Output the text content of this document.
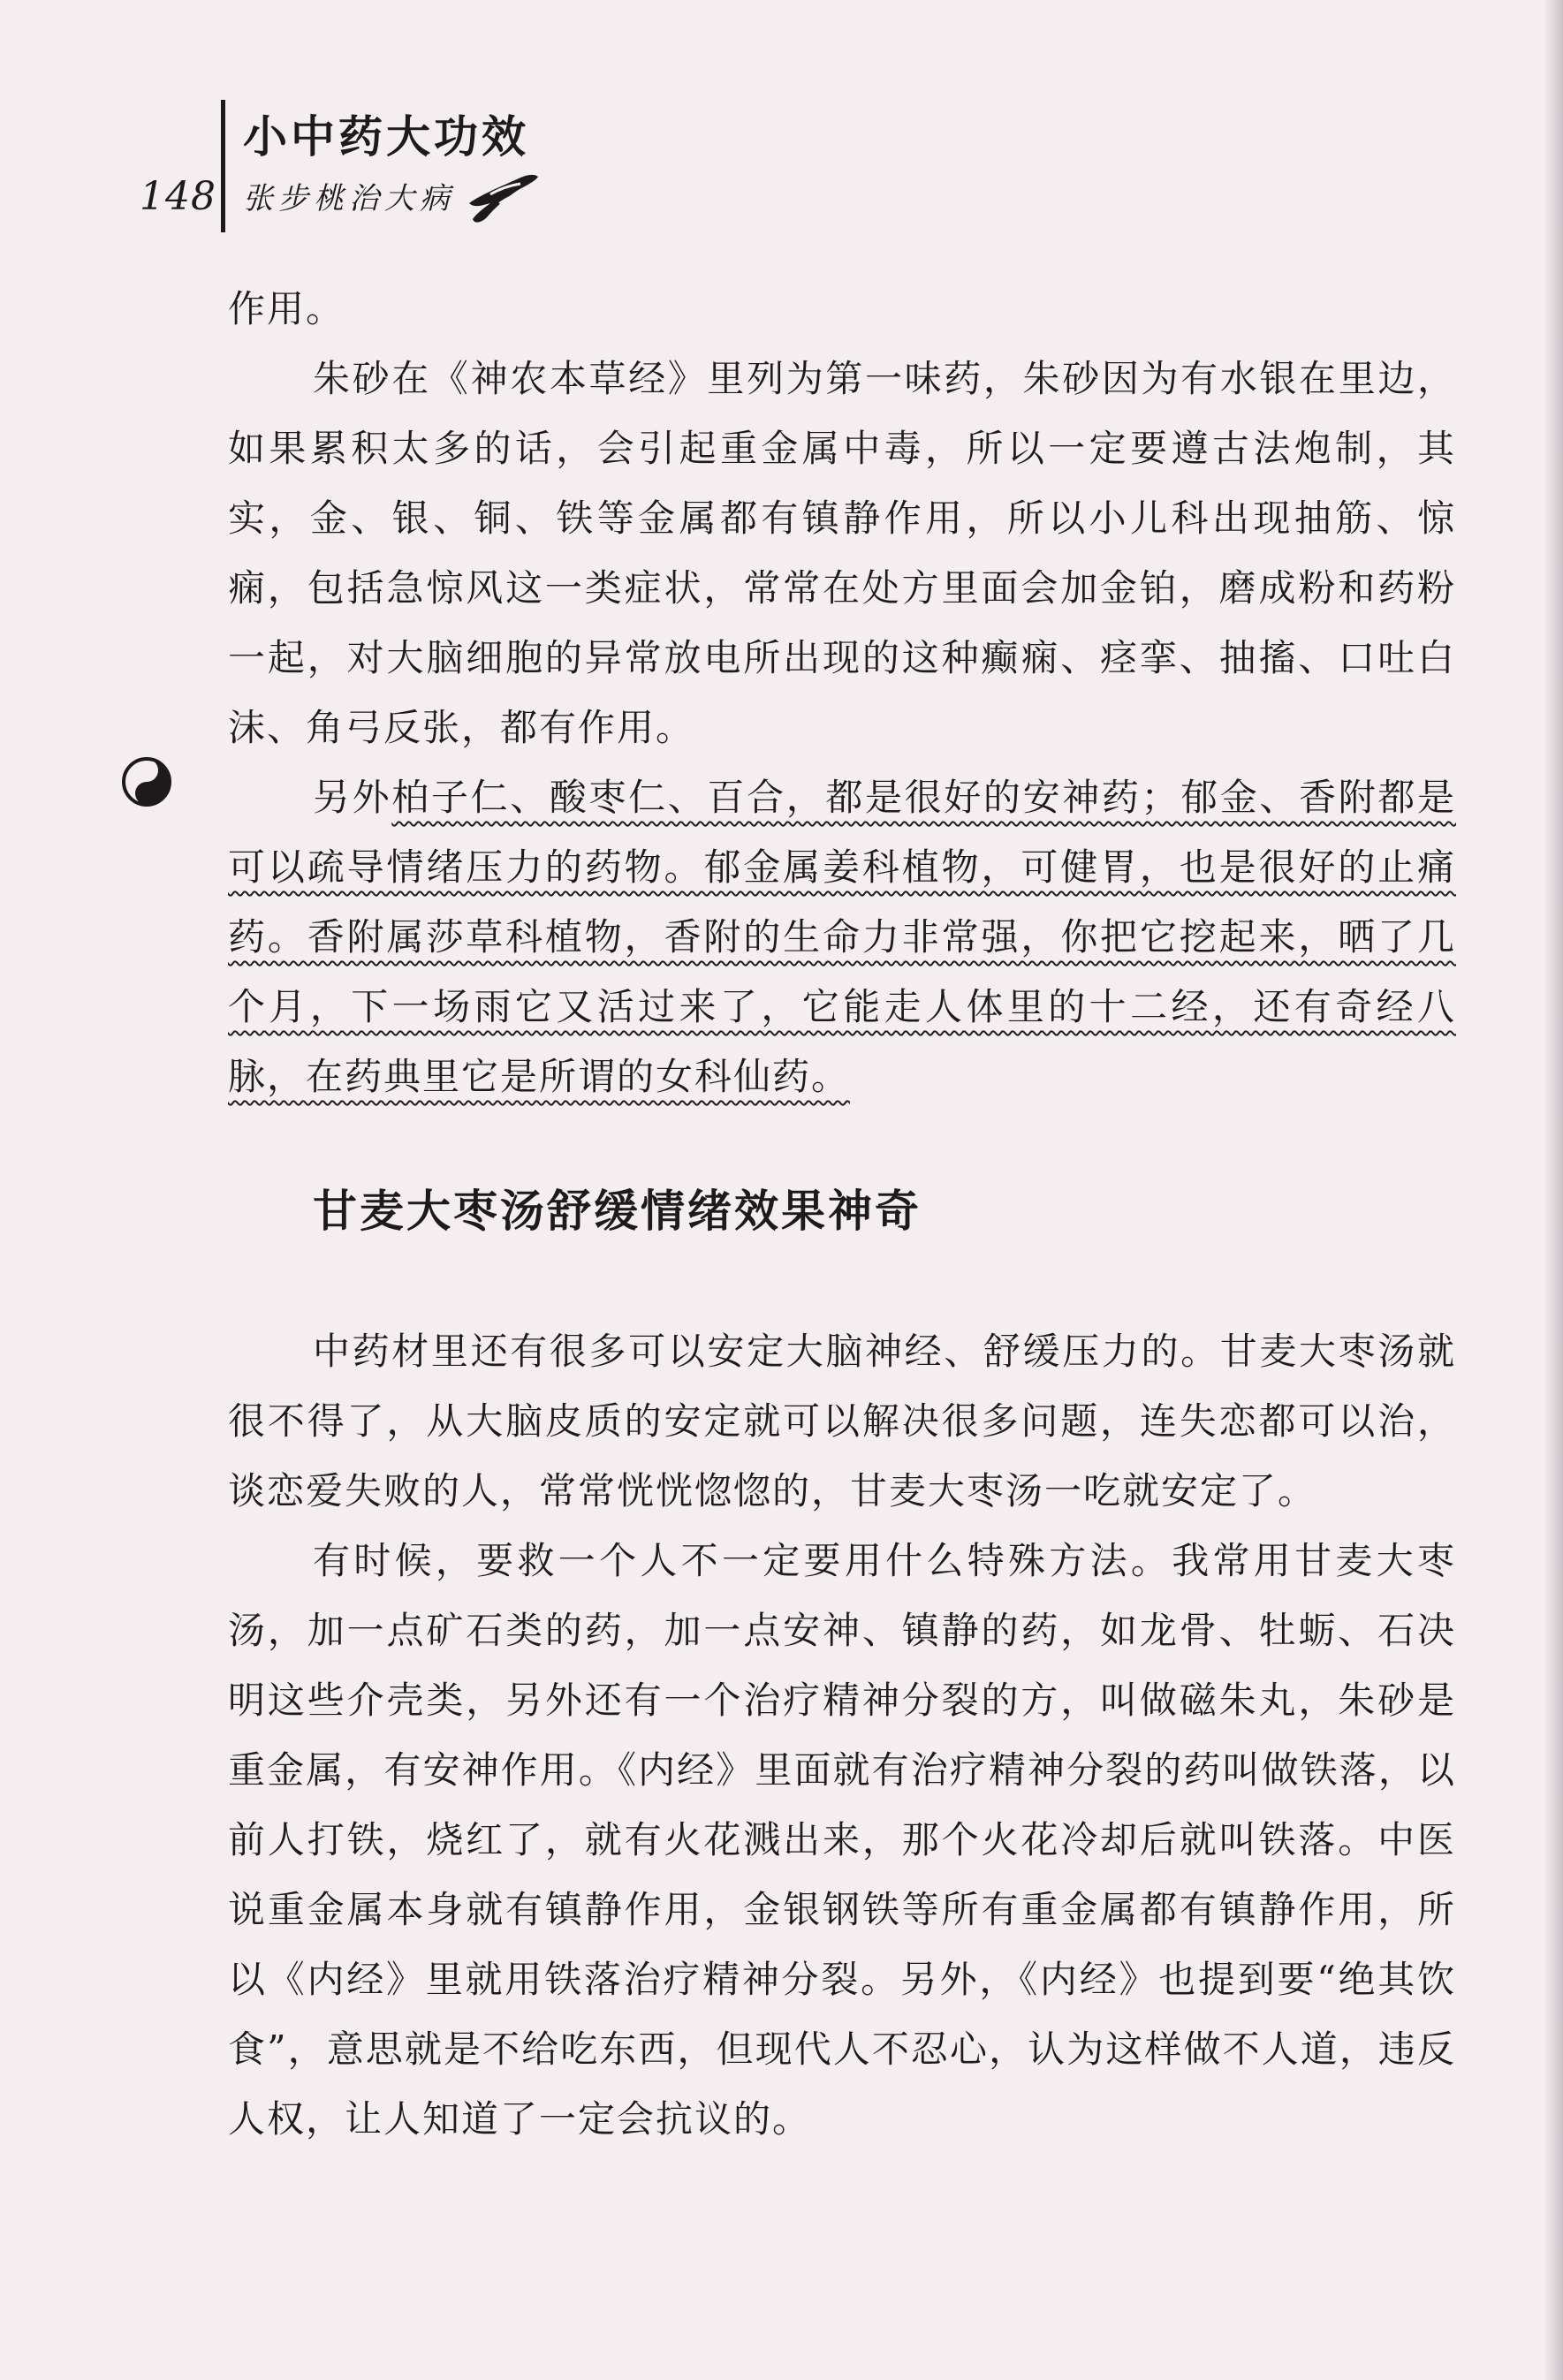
148
小中药大功效
张步桃治大病

作用。

朱砂在《神农本草经》里列为第一味药，朱砂因为有水银在里边，如果累积太多的话，会引起重金属中毒，所以一定要遵古法炮制，其实，金、银、铜、铁等金属都有镇静作用，所以小儿科出现抽筋、惊痫，包括急惊风这一类症状，常常在处方里面会加金铂，磨成粉和药粉一起，对大脑细胞的异常放电所出现的这种癫痫、痉挛、抽搐、口吐白沫、角弓反张，都有作用。

另外柏子仁、酸枣仁、百合，都是很好的安神药；郁金、香附都是可以疏导情绪压力的药物。郁金属姜科植物，可健胃，也是很好的止痛药。香附属莎草科植物，香附的生命力非常强，你把它挖起来，晒了几个月，下一场雨它又活过来了，它能走人体里的十二经，还有奇经八脉，在药典里它是所谓的女科仙药。

甘麦大枣汤舒缓情绪效果神奇

中药材里还有很多可以安定大脑神经、舒缓压力的。甘麦大枣汤就很不得了，从大脑皮质的安定就可以解决很多问题，连失恋都可以治，谈恋爱失败的人，常常恍恍惚惚的，甘麦大枣汤一吃就安定了。

有时候，要救一个人不一定要用什么特殊方法。我常用甘麦大枣汤，加一点矿石类的药，加一点安神、镇静的药，如龙骨、牡蛎、石决明这些介壳类，另外还有一个治疗精神分裂的方，叫做磁朱丸，朱砂是重金属，有安神作用。《内经》里面就有治疗精神分裂的药叫做铁落，以前人打铁，烧红了，就有火花溅出来，那个火花冷却后就叫铁落。中医说重金属本身就有镇静作用，金银钢铁等所有重金属都有镇静作用，所以《内经》里就用铁落治疗精神分裂。另外，《内经》也提到要“绝其饮食”，意思就是不给吃东西，但现代人不忍心，认为这样做不人道，违反人权，让人知道了一定会抗议的。
